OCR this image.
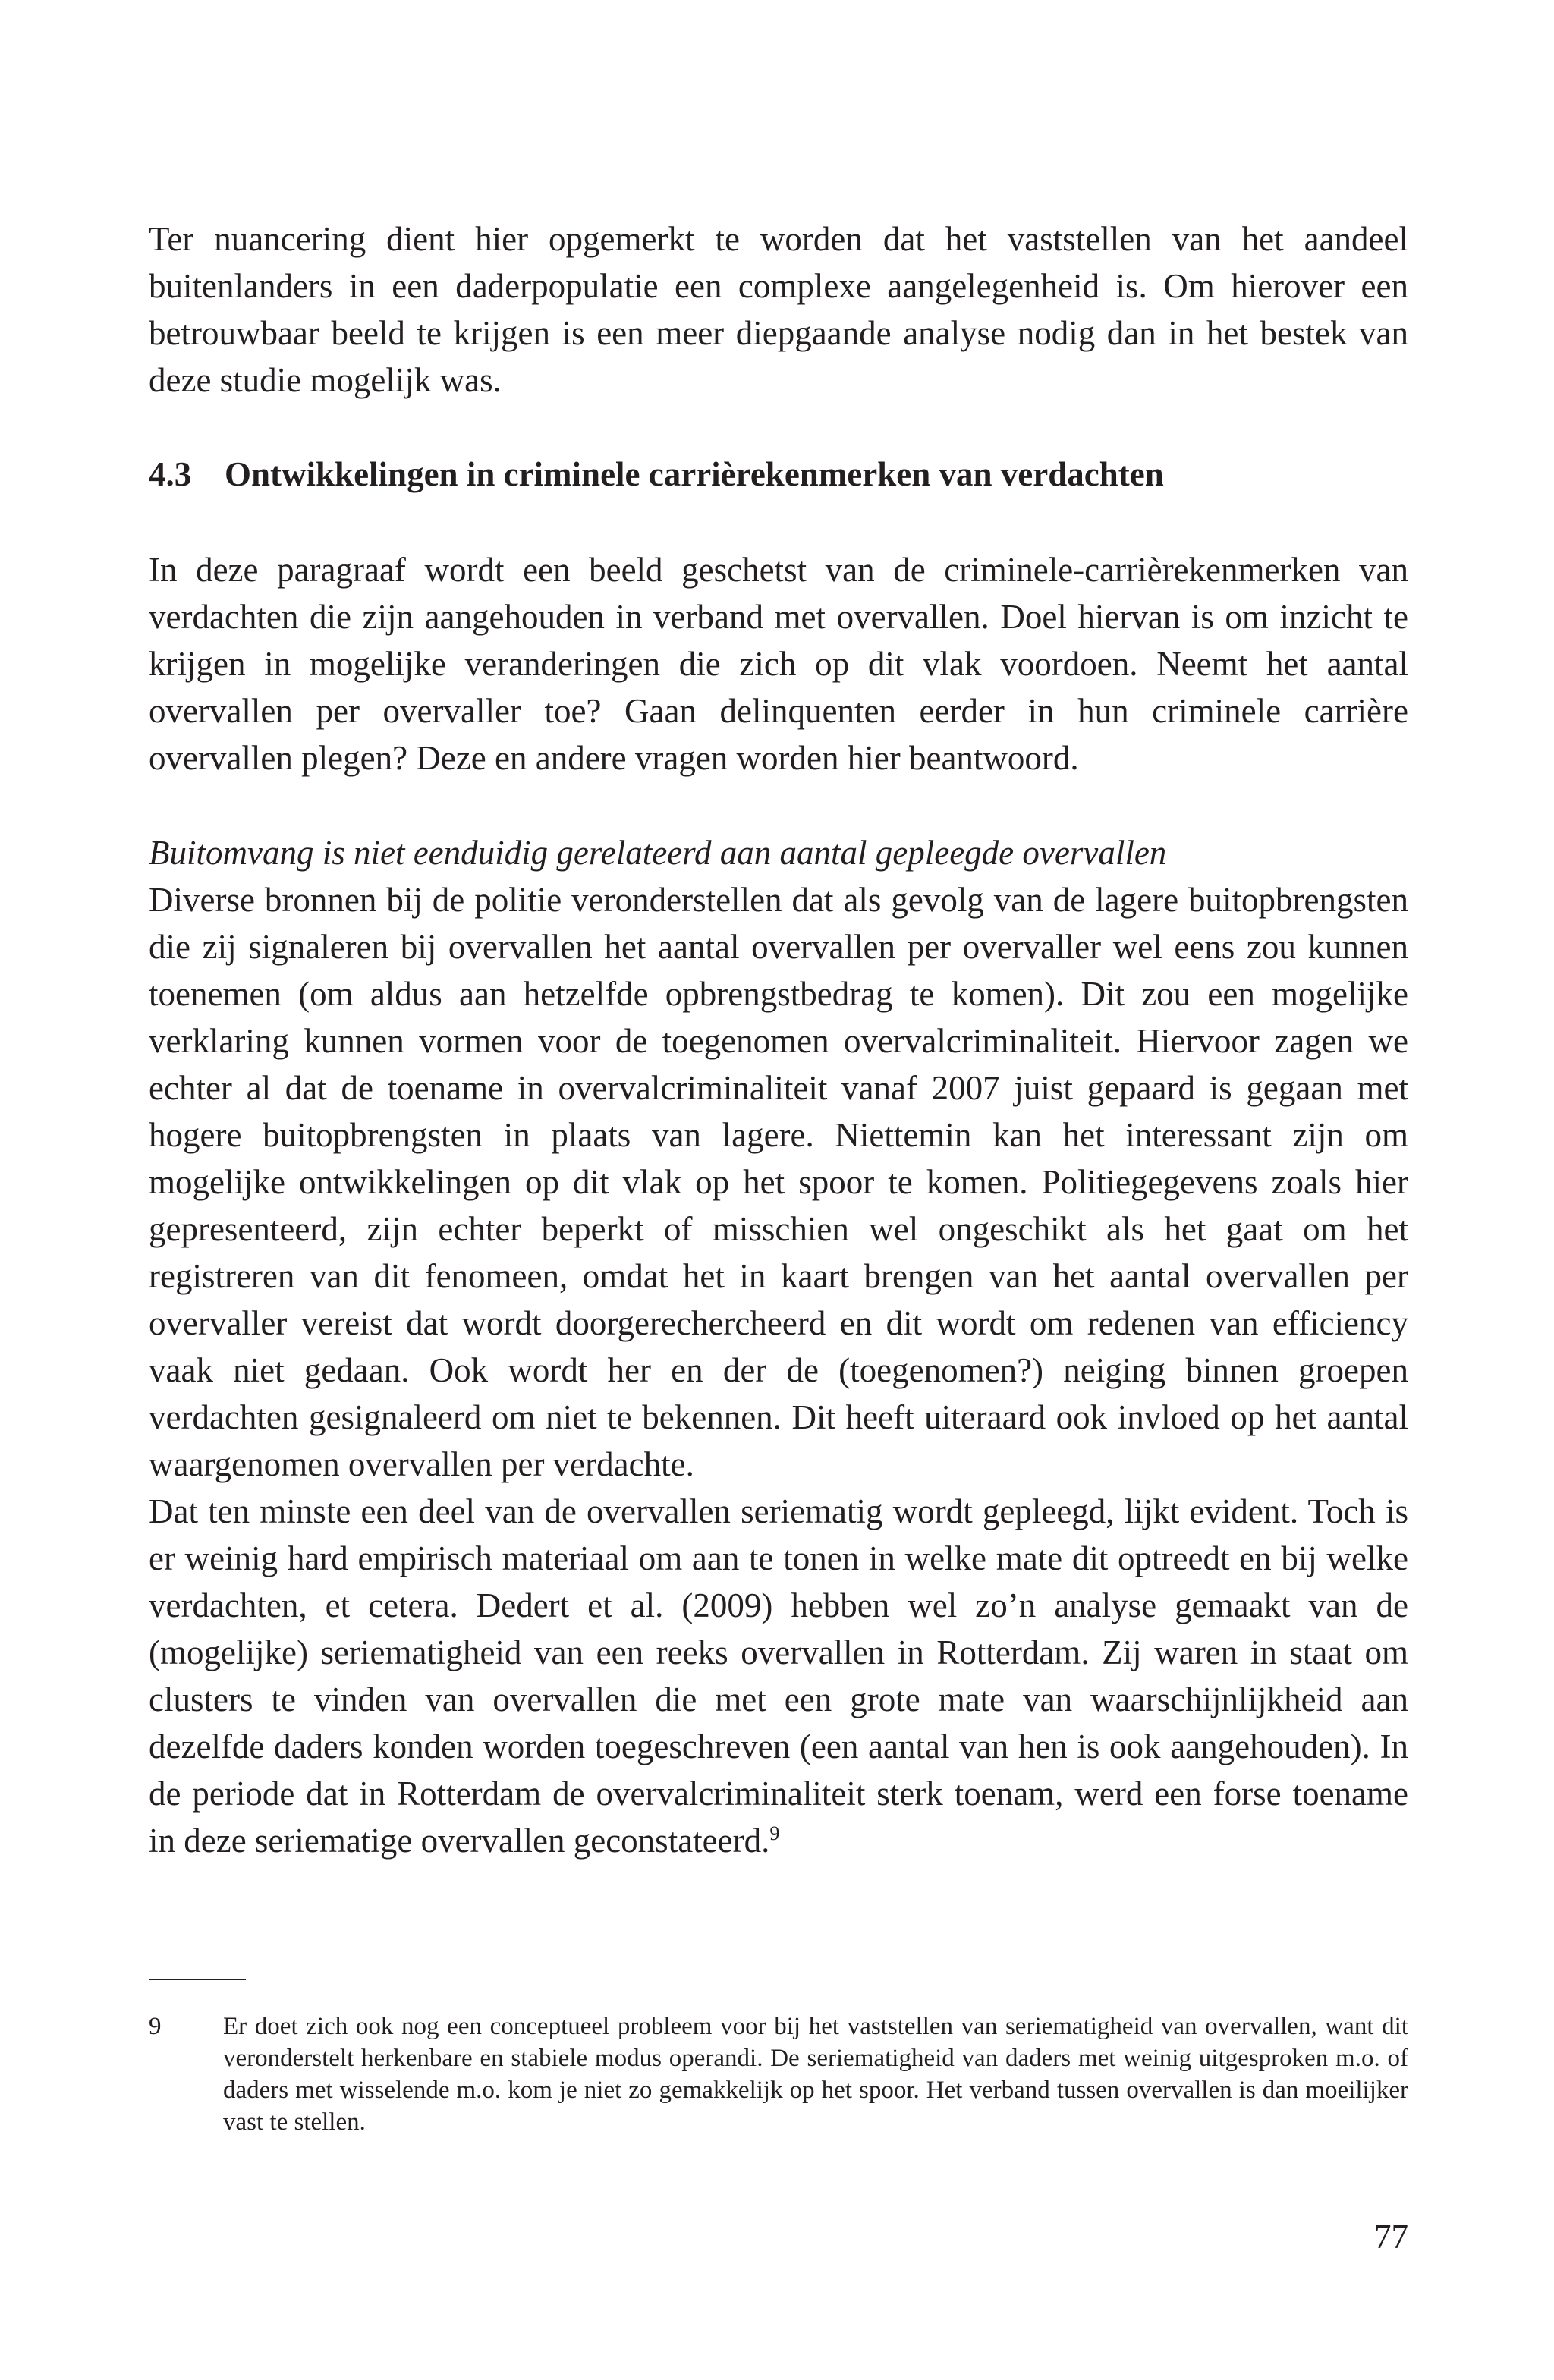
Ter nuancering dient hier opgemerkt te worden dat het vaststellen van het aandeel buitenlanders in een daderpopulatie een complexe aangelegenheid is. Om hierover een betrouwbaar beeld te krijgen is een meer diepgaande analyse nodig dan in het bestek van deze studie mogelijk was.

4.3 Ontwikkelingen in criminele carrièrekenmerken van verdachten

In deze paragraaf wordt een beeld geschetst van de criminele-carrièrekenmerken van verdachten die zijn aangehouden in verband met overvallen. Doel hiervan is om inzicht te krijgen in mogelijke veranderingen die zich op dit vlak voordoen. Neemt het aantal overvallen per overvaller toe? Gaan delinquenten eerder in hun criminele carrière overvallen plegen? Deze en andere vragen worden hier beantwoord.

Buitomvang is niet eenduidig gerelateerd aan aantal gepleegde overvallen

Diverse bronnen bij de politie veronderstellen dat als gevolg van de lagere buitopbrengsten die zij signaleren bij overvallen het aantal overvallen per overvaller wel eens zou kunnen toenemen (om aldus aan hetzelfde opbrengstbedrag te komen). Dit zou een mogelijke verklaring kunnen vormen voor de toegenomen overvalcriminaliteit. Hiervoor zagen we echter al dat de toename in overvalcriminaliteit vanaf 2007 juist gepaard is gegaan met hogere buitopbrengsten in plaats van lagere. Niettemin kan het interessant zijn om mogelijke ontwikkelingen op dit vlak op het spoor te komen. Politiegegevens zoals hier gepresenteerd, zijn echter beperkt of misschien wel ongeschikt als het gaat om het registreren van dit fenomeen, omdat het in kaart brengen van het aantal overvallen per overvaller vereist dat wordt doorgerechercheerd en dit wordt om redenen van efficiency vaak niet gedaan. Ook wordt her en der de (toegenomen?) neiging binnen groepen verdachten gesignaleerd om niet te bekennen. Dit heeft uiteraard ook invloed op het aantal waargenomen overvallen per verdachte.

Dat ten minste een deel van de overvallen seriematig wordt gepleegd, lijkt evident. Toch is er weinig hard empirisch materiaal om aan te tonen in welke mate dit optreedt en bij welke verdachten, et cetera. Dedert et al. (2009) hebben wel zo’n analyse gemaakt van de (mogelijke) seriematigheid van een reeks overvallen in Rotterdam. Zij waren in staat om clusters te vinden van overvallen die met een grote mate van waarschijnlijkheid aan dezelfde daders konden worden toegeschreven (een aantal van hen is ook aangehouden). In de periode dat in Rotterdam de overvalcriminaliteit sterk toenam, werd een forse toename in deze seriematige overvallen geconstateerd.$^9$

9	Er doet zich ook nog een conceptueel probleem voor bij het vaststellen van seriematigheid van overvallen, want dit veronderstelt herkenbare en stabiele modus operandi. De seriematigheid van daders met weinig uitgesproken m.o. of daders met wisselende m.o. kom je niet zo gemakkelijk op het spoor. Het verband tussen overvallen is dan moeilijker vast te stellen.
77
